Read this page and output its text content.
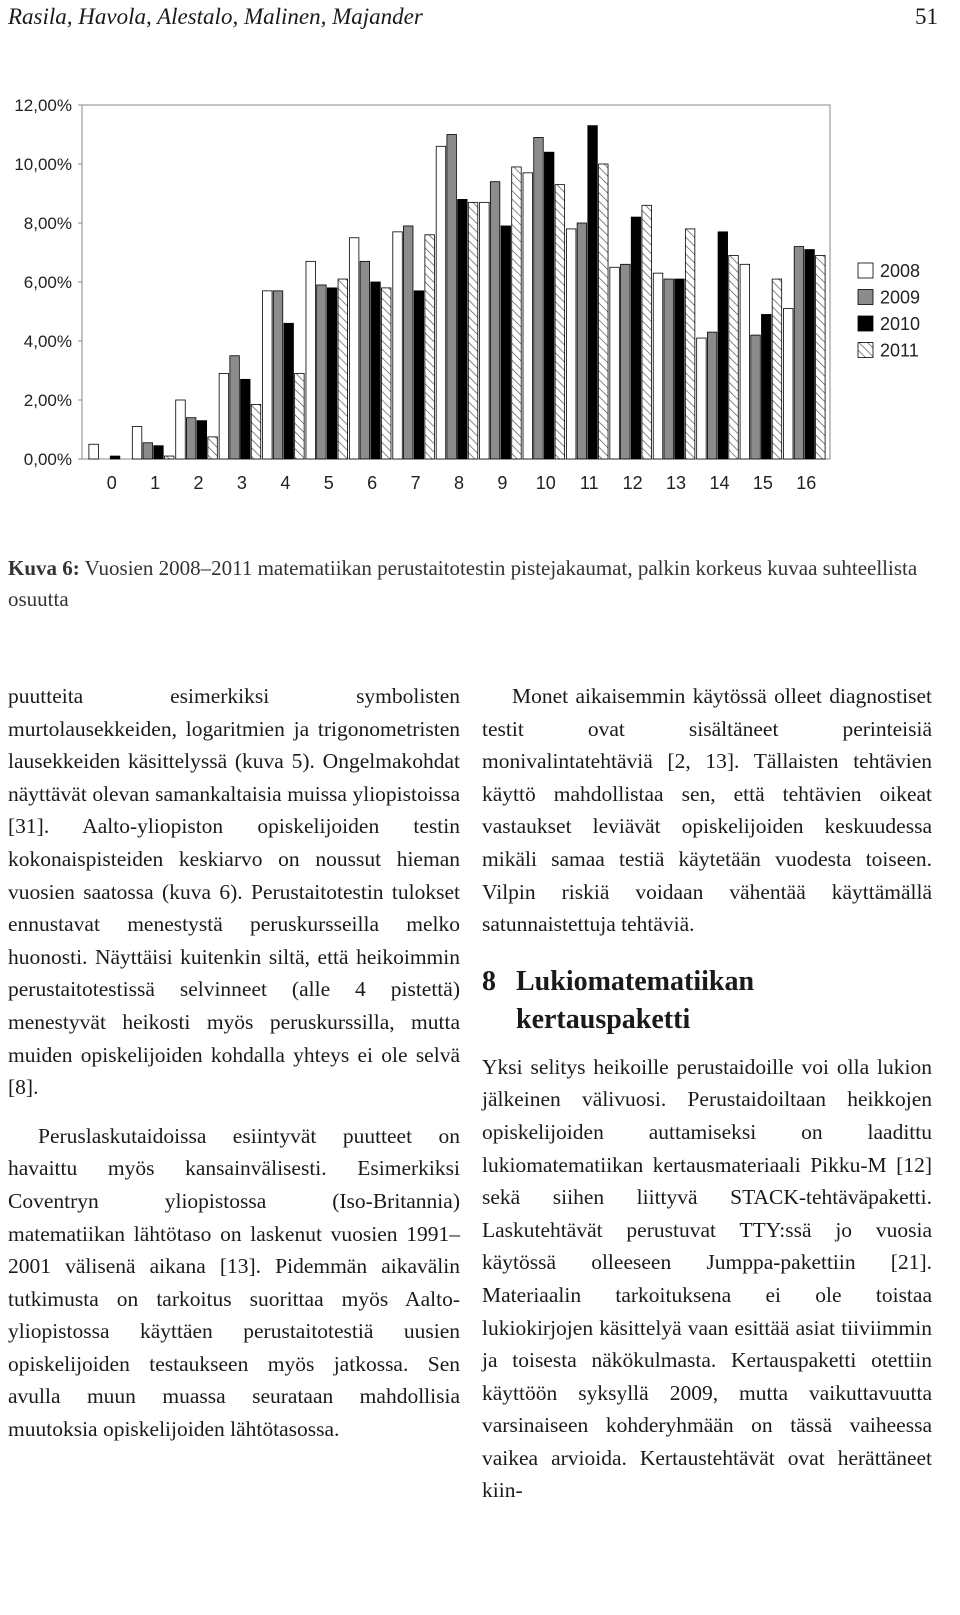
Rasila, Havola, Alestalo, Malinen, Majander	51
0,00%
2,00%
4,00%
6,00%
8,00%
10,00%
12,00%
0 1 2 3 4 5 6 7 8 9 10 11 12 13 14 15 16
2008
2009
2010
2011
Kuva 6: Vuosien 2008–2011 matematiikan perustaitotestin pistejakaumat, palkin korkeus kuvaa suhteellista osuutta

puutteita esimerkiksi symbolisten murtolausekkeiden, logaritmien ja trigonometristen lausekkeiden käsittelyssä (kuva 5). Ongelmakohdat näyttävät olevan samankaltaisia muissa yliopistoissa [31]. Aalto-yliopiston opiskelijoiden testin kokonaispisteiden keskiarvo on noussut hieman vuosien saatossa (kuva 6). Perustaitotestin tulokset ennustavat menestystä peruskursseilla melko huonosti. Näyttäisi kuitenkin siltä, että heikoimmin perustaitotestissä selvinneet (alle 4 pistettä) menestyvät heikosti myös peruskurssilla, mutta muiden opiskelijoiden kohdalla yhteys ei ole selvä [8].

Peruslaskutaidoissa esiintyvät puutteet on havaittu myös kansainvälisesti. Esimerkiksi Coventryn yliopistossa (Iso-Britannia) matematiikan lähtötaso on laskenut vuosien 1991–2001 välisenä aikana [13]. Pidemmän aikavälin tutkimusta on tarkoitus suorittaa myös Aalto-yliopistossa käyttäen perustaitotestiä uusien opiskelijoiden testaukseen myös jatkossa. Sen avulla muun muassa seurataan mahdollisia muutoksia opiskelijoiden lähtötasossa.

Monet aikaisemmin käytössä olleet diagnostiset testit ovat sisältäneet perinteisiä monivalintatehtäviä [2, 13]. Tällaisten tehtävien käyttö mahdollistaa sen, että tehtävien oikeat vastaukset leviävät opiskelijoiden keskuudessa mikäli samaa testiä käytetään vuodesta toiseen. Vilpin riskiä voidaan vähentää käyttämällä satunnaistettuja tehtäviä.

8 Lukiomatematiikan kertauspaketti

Yksi selitys heikoille perustaidoille voi olla lukion jälkeinen välivuosi. Perustaidoiltaan heikkojen opiskelijoiden auttamiseksi on laadittu lukiomatematiikan kertausmateriaali Pikku-M [12] sekä siihen liittyvä STACK-tehtäväpaketti. Laskutehtävät perustuvat TTY:ssä jo vuosia käytössä olleeseen Jumppa-pakettiin [21]. Materiaalin tarkoituksena ei ole toistaa lukiokirjojen käsittelyä vaan esittää asiat tiiviimmin ja toisesta näkökulmasta. Kertauspaketti otettiin käyttöön syksyllä 2009, mutta vaikuttavuutta varsinaiseen kohderyhmään on tässä vaiheessa vaikea arvioida. Kertaustehtävät ovat herättäneet kiin-
